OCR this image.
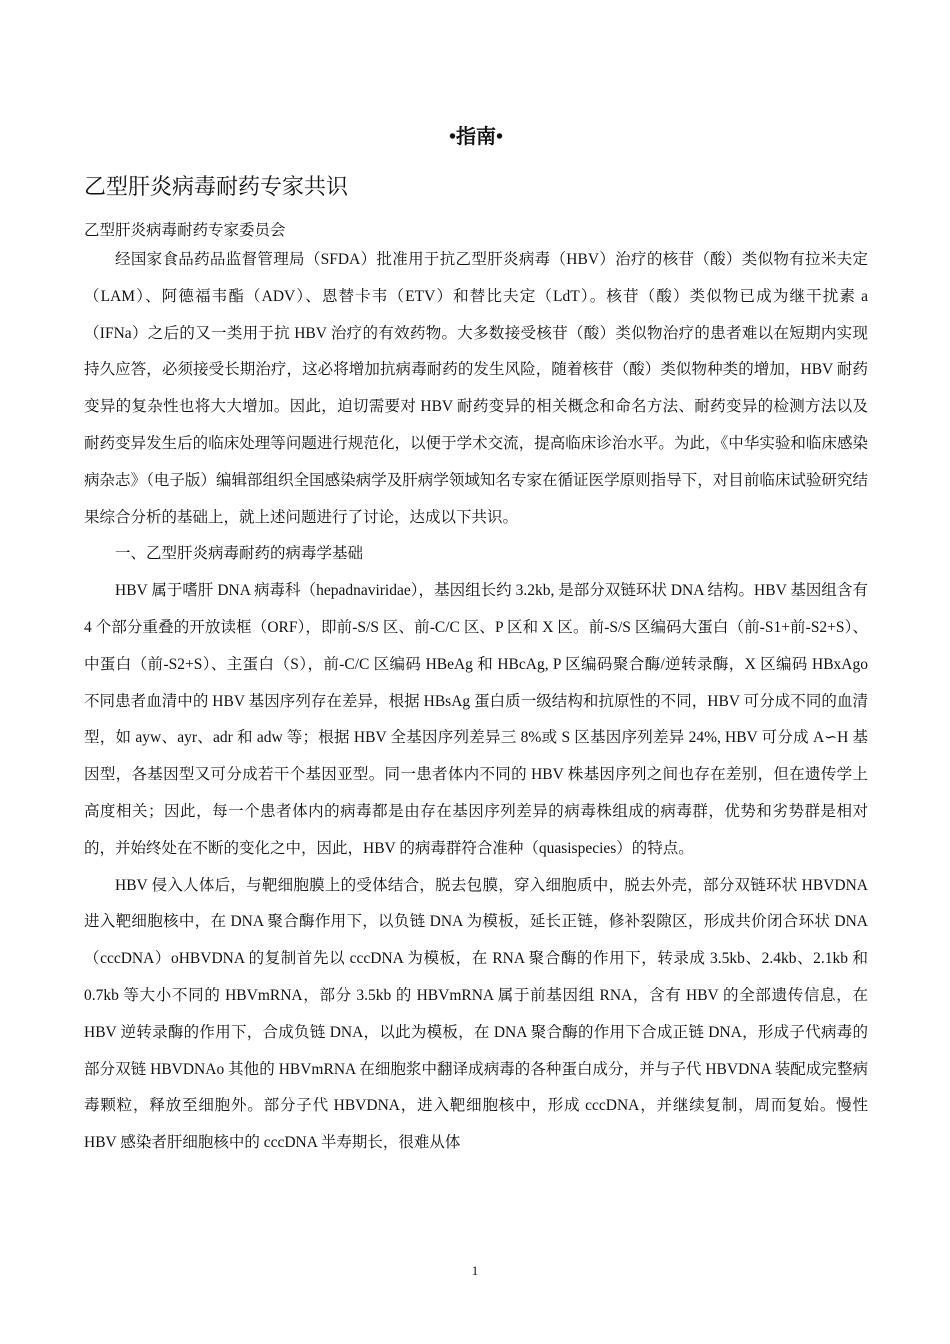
•指南•
乙型肝炎病毒耐药专家共识
乙型肝炎病毒耐药专家委员会

经国家食品药品监督管理局（SFDA）批准用于抗乙型肝炎病毒（HBV）治疗的核苷（酸）类似物有拉米夫定（LAM）、阿德福韦酯（ADV）、恩替卡韦（ETV）和替比夫定（LdT）。核苷（酸）类似物已成为继干扰素 a（IFNa）之后的又一类用于抗 HBV 治疗的有效药物。大多数接受核苷（酸）类似物治疗的患者难以在短期内实现持久应答，必须接受长期治疗，这必将增加抗病毒耐药的发生风险，随着核苷（酸）类似物种类的增加，HBV 耐药变异的复杂性也将大大增加。因此，迫切需要对 HBV 耐药变异的相关概念和命名方法、耐药变异的检测方法以及耐药变异发生后的临床处理等问题进行规范化，以便于学术交流，提高临床诊治水平。为此，《中华实验和临床感染病杂志》（电子版）编辑部组织全国感染病学及肝病学领域知名专家在循证医学原则指导下，对目前临床试验研究结果综合分析的基础上，就上述问题进行了讨论，达成以下共识。

一、乙型肝炎病毒耐药的病毒学基础

HBV 属于嗜肝 DNA 病毒科（hepadnaviridae），基因组长约 3.2kb, 是部分双链环状 DNA 结构。HBV 基因组含有 4 个部分重叠的开放读框（ORF），即前-S/S 区、前-C/C 区、P 区和 X 区。前-S/S 区编码大蛋白（前-S1+前-S2+S）、中蛋白（前-S2+S）、主蛋白（S），前-C/C 区编码 HBeAg 和 HBcAg, P 区编码聚合酶/逆转录酶，X 区编码 HBxAgo 不同患者血清中的 HBV 基因序列存在差异，根据 HBsAg 蛋白质一级结构和抗原性的不同，HBV 可分成不同的血清型，如 ayw、ayr、adr 和 adw 等；根据 HBV 全基因序列差异三 8%或 S 区基因序列差异 24%, HBV 可分成 A∽H 基因型，各基因型又可分成若干个基因亚型。同一患者体内不同的 HBV 株基因序列之间也存在差别，但在遗传学上高度相关；因此，每一个患者体内的病毒都是由存在基因序列差异的病毒株组成的病毒群，优势和劣势群是相对的，并始终处在不断的变化之中，因此，HBV 的病毒群符合准种（quasispecies）的特点。

HBV 侵入人体后，与靶细胞膜上的受体结合，脱去包膜，穿入细胞质中，脱去外壳，部分双链环状 HBVDNA 进入靶细胞核中，在 DNA 聚合酶作用下，以负链 DNA 为模板，延长正链，修补裂隙区，形成共价闭合环状 DNA（cccDNA）oHBVDNA 的复制首先以 cccDNA 为模板，在 RNA 聚合酶的作用下，转录成 3.5kb、2.4kb、2.1kb 和 0.7kb 等大小不同的 HBVmRNA，部分 3.5kb 的 HBVmRNA 属于前基因组 RNA，含有 HBV 的全部遗传信息，在 HBV 逆转录酶的作用下，合成负链 DNA，以此为模板，在 DNA 聚合酶的作用下合成正链 DNA，形成子代病毒的部分双链 HBVDNAo 其他的 HBVmRNA 在细胞浆中翻译成病毒的各种蛋白成分，并与子代 HBVDNA 装配成完整病毒颗粒，释放至细胞外。部分子代 HBVDNA，进入靶细胞核中，形成 cccDNA，并继续复制，周而复始。慢性 HBV 感染者肝细胞核中的 cccDNA 半寿期长，很难从体

1
